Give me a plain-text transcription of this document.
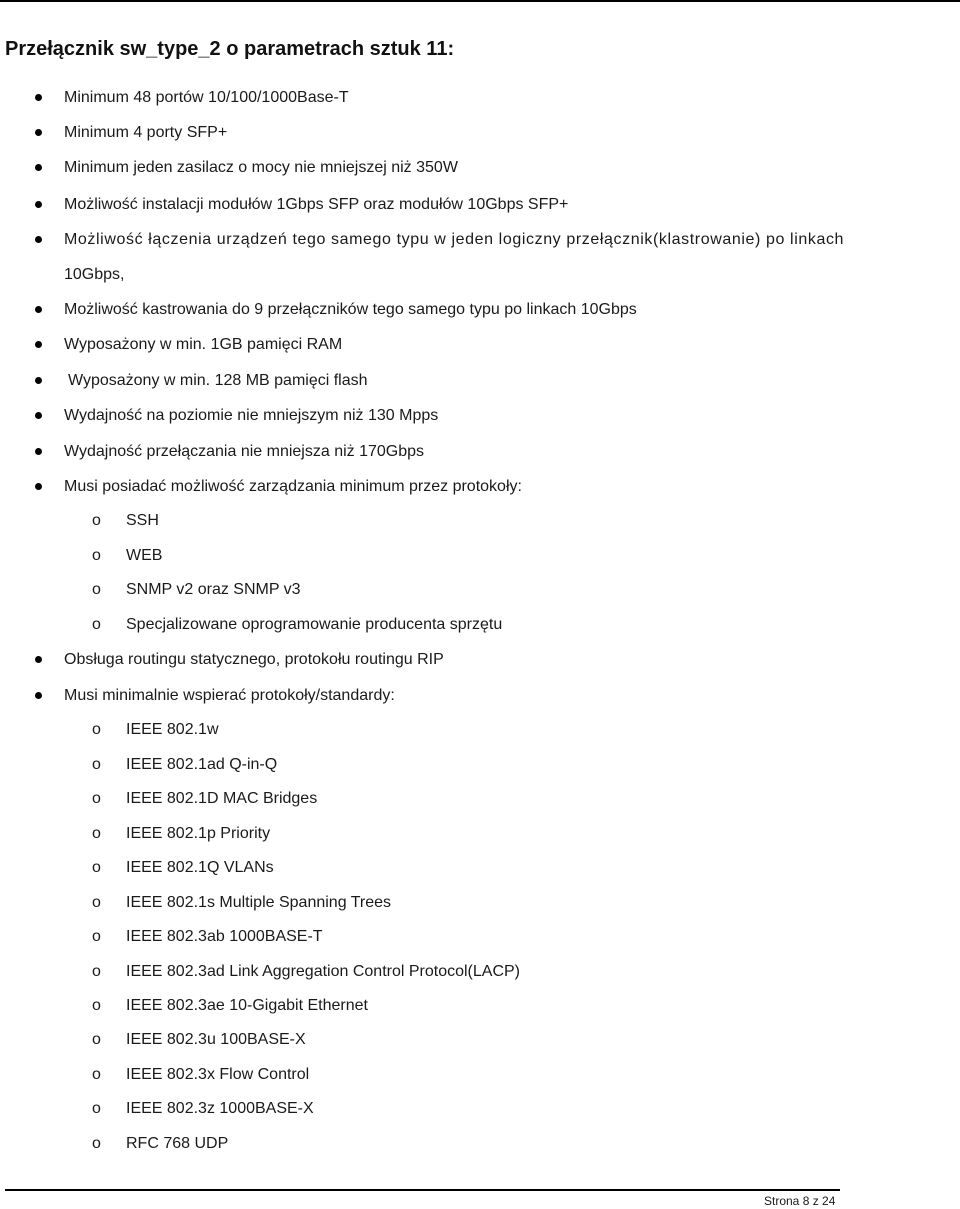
Przełącznik sw_type_2 o parametrach sztuk 11:
Minimum 48 portów 10/100/1000Base-T
Minimum 4 porty SFP+
Minimum jeden zasilacz o mocy nie mniejszej niż 350W
Możliwość instalacji modułów 1Gbps SFP oraz modułów 10Gbps SFP+
Możliwość łączenia urządzeń tego samego typu w jeden logiczny przełącznik(klastrowanie) po linkach
10Gbps,
Możliwość kastrowania do 9 przełączników tego samego typu po linkach 10Gbps
Wyposażony w min. 1GB pamięci RAM
Wyposażony w min. 128 MB pamięci flash
Wydajność na poziomie nie mniejszym niż 130 Mpps
Wydajność przełączania nie mniejsza niż 170Gbps
Musi posiadać możliwość zarządzania minimum przez protokoły:
o SSH
o WEB
o SNMP v2 oraz SNMP v3
o Specjalizowane oprogramowanie producenta sprzętu
Obsługa routingu statycznego, protokołu routingu RIP
Musi minimalnie wspierać protokoły/standardy:
o IEEE 802.1w
o IEEE 802.1ad Q-in-Q
o IEEE 802.1D MAC Bridges
o IEEE 802.1p Priority
o IEEE 802.1Q VLANs
o IEEE 802.1s Multiple Spanning Trees
o IEEE 802.3ab 1000BASE-T
o IEEE 802.3ad Link Aggregation Control Protocol(LACP)
o IEEE 802.3ae 10-Gigabit Ethernet
o IEEE 802.3u 100BASE-X
o IEEE 802.3x Flow Control
o IEEE 802.3z 1000BASE-X
o RFC 768 UDP
Strona 8 z 24
